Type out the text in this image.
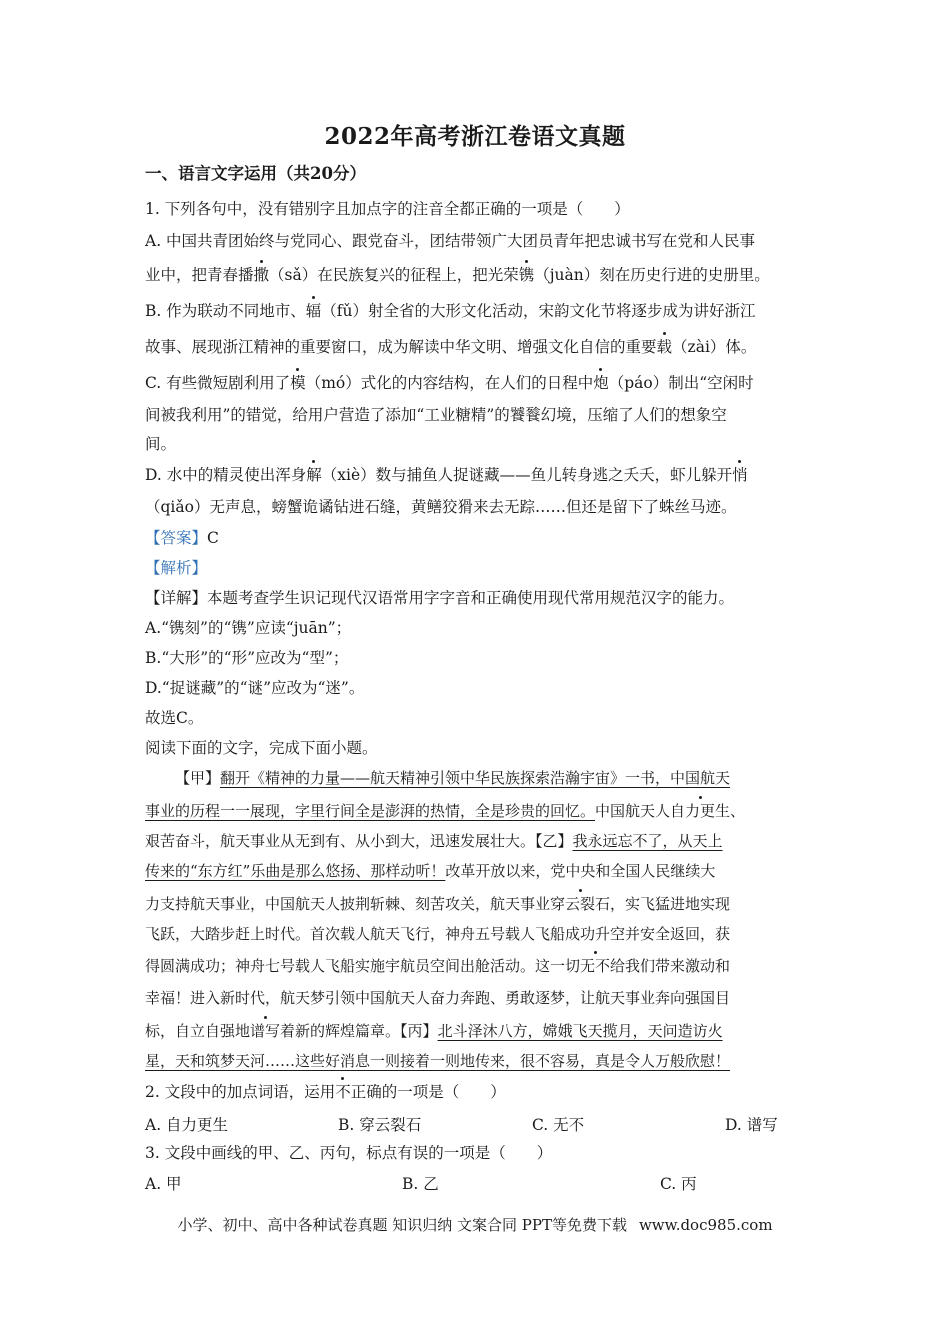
2022年高考浙江卷语文真题
一、语言文字运用（共20分）
1. 下列各句中，没有错别字且加点字的注音全都正确的一项是（　　）
A. 中国共青团始终与党同心、跟党奋斗，团结带领广大团员青年把忠诚书写在党和人民事
业中，把青春播撒（sǎ）在民族复兴的征程上，把光荣镌（juàn）刻在历史行进的史册里。
B. 作为联动不同地市、辐（fǔ）射全省的大形文化活动，宋韵文化节将逐步成为讲好浙江
故事、展现浙江精神的重要窗口，成为解读中华文明、增强文化自信的重要载（zài）体。
C. 有些微短剧利用了模（mó）式化的内容结构，在人们的日程中炮（páo）制出“空闲时
间被我利用”的错觉，给用户营造了添加“工业糖精”的饕餮幻境，压缩了人们的想象空
间。
D. 水中的精灵使出浑身解（xiè）数与捕鱼人捉谜藏——鱼儿转身逃之夭夭，虾儿躲开悄
（qiǎo）无声息，螃蟹诡谲钻进石缝，黄鳝狡猾来去无踪……但还是留下了蛛丝马迹。
【答案】C
【解析】
【详解】本题考查学生识记现代汉语常用字字音和正确使用现代常用规范汉字的能力。
A.“镌刻”的“镌”应读“juān”；
B.“大形”的“形”应改为“型”；
D.“捉谜藏”的“谜”应改为“迷”。
故选C。
阅读下面的文字，完成下面小题。
【甲】翻开《精神的力量——航天精神引领中华民族探索浩瀚宇宙》一书，中国航天
事业的历程一一展现，字里行间全是澎湃的热情，全是珍贵的回忆。中国航天人自力更生、
艰苦奋斗，航天事业从无到有、从小到大，迅速发展壮大。【乙】我永远忘不了，从天上
传来的“东方红”乐曲是那么悠扬、那样动听！改革开放以来，党中央和全国人民继续大
力支持航天事业，中国航天人披荆斩棘、刻苦攻关，航天事业穿云裂石，实飞猛进地实现
飞跃，大踏步赶上时代。首次载人航天飞行，神舟五号载人飞船成功升空并安全返回，获
得圆满成功；神舟七号载人飞船实施宇航员空间出舱活动。这一切无不给我们带来激动和
幸福！进入新时代，航天梦引领中国航天人奋力奔跑、勇敢逐梦，让航天事业奔向强国目
标，自立自强地谱写着新的辉煌篇章。【丙】北斗泽沐八方，嫦娥飞天揽月，天问造访火
星，天和筑梦天河……这些好消息一则接着一则地传来，很不容易，真是令人万般欣慰！
2. 文段中的加点词语，运用不正确的一项是（　　）
A. 自力更生	B. 穿云裂石	C. 无不	D. 谱写
3. 文段中画线的甲、乙、丙句，标点有误的一项是（　　）
A. 甲	B. 乙	C. 丙
小学、初中、高中各种试卷真题 知识归纳 文案合同 PPT等免费下载 www.doc985.com
